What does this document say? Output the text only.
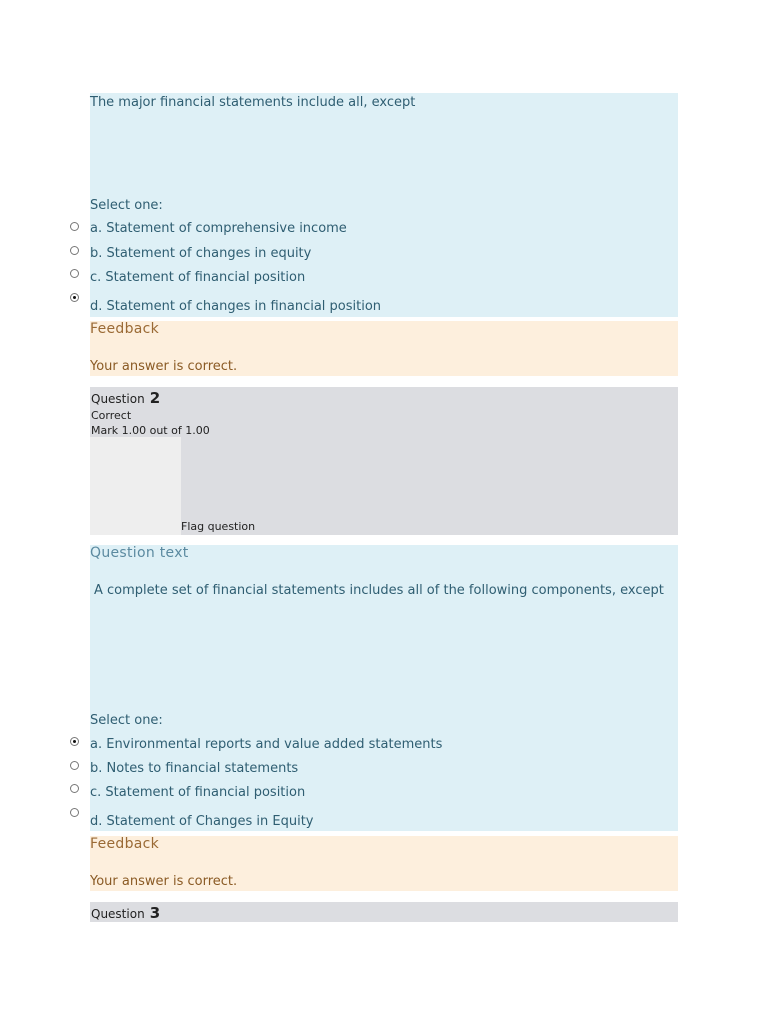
The major financial statements include all, except
Select one:
a. Statement of comprehensive income
b. Statement of changes in equity
c. Statement of financial position
d. Statement of changes in financial position
Feedback
Your answer is correct.
Question 2
Correct
Mark 1.00 out of 1.00
Flag question
Question text
A complete set of financial statements includes all of the following components, except
Select one:
a. Environmental reports and value added statements
b. Notes to financial statements
c. Statement of financial position
d. Statement of Changes in Equity
Feedback
Your answer is correct.
Question 3
